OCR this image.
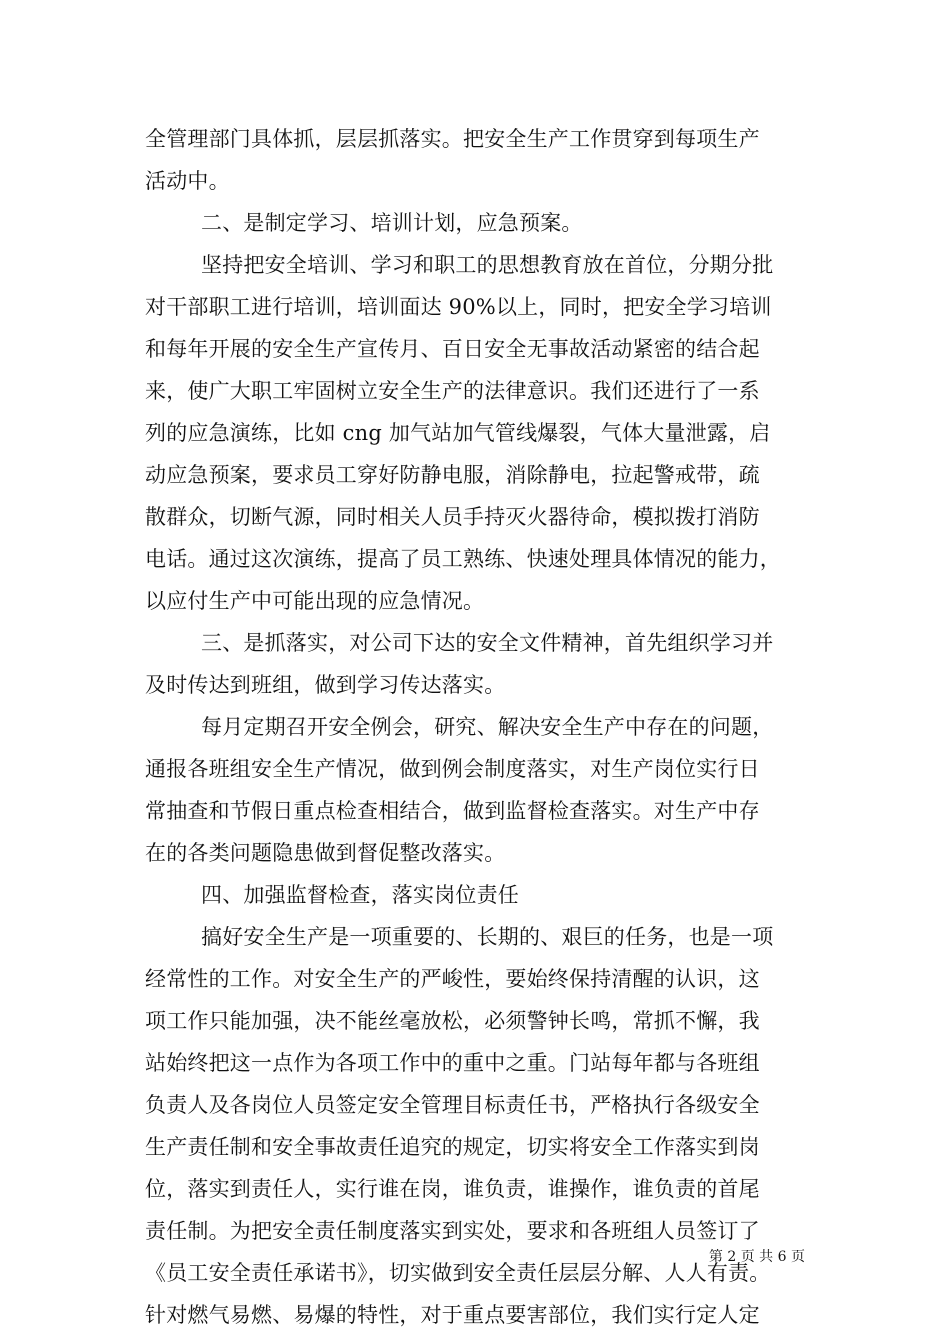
全管理部门具体抓，层层抓落实。把安全生产工作贯穿到每项生产
活动中。
二、是制定学习、培训计划，应急预案。
坚持把安全培训、学习和职工的思想教育放在首位，分期分批
对干部职工进行培训，培训面达 90%以上，同时，把安全学习培训
和每年开展的安全生产宣传月、百日安全无事故活动紧密的结合起
来，使广大职工牢固树立安全生产的法律意识。我们还进行了一系
列的应急演练，比如 cng 加气站加气管线爆裂，气体大量泄露，启
动应急预案，要求员工穿好防静电服，消除静电，拉起警戒带，疏
散群众，切断气源，同时相关人员手持灭火器待命，模拟拨打消防
电话。通过这次演练，提高了员工熟练、快速处理具体情况的能力，
以应付生产中可能出现的应急情况。
三、是抓落实，对公司下达的安全文件精神，首先组织学习并
及时传达到班组，做到学习传达落实。
每月定期召开安全例会，研究、解决安全生产中存在的问题，
通报各班组安全生产情况，做到例会制度落实，对生产岗位实行日
常抽查和节假日重点检查相结合，做到监督检查落实。对生产中存
在的各类问题隐患做到督促整改落实。
四、加强监督检查，落实岗位责任
搞好安全生产是一项重要的、长期的、艰巨的任务，也是一项
经常性的工作。对安全生产的严峻性，要始终保持清醒的认识，这
项工作只能加强，决不能丝毫放松，必须警钟长鸣，常抓不懈，我
站始终把这一点作为各项工作中的重中之重。门站每年都与各班组
负责人及各岗位人员签定安全管理目标责任书，严格执行各级安全
生产责任制和安全事故责任追究的规定，切实将安全工作落实到岗
位，落实到责任人，实行谁在岗，谁负责，谁操作，谁负责的首尾
责任制。为把安全责任制度落实到实处，要求和各班组人员签订了
《员工安全责任承诺书》，切实做到安全责任层层分解、人人有责。
针对燃气易燃、易爆的特性，对于重点要害部位，我们实行定人定
第 2 页 共 6 页
